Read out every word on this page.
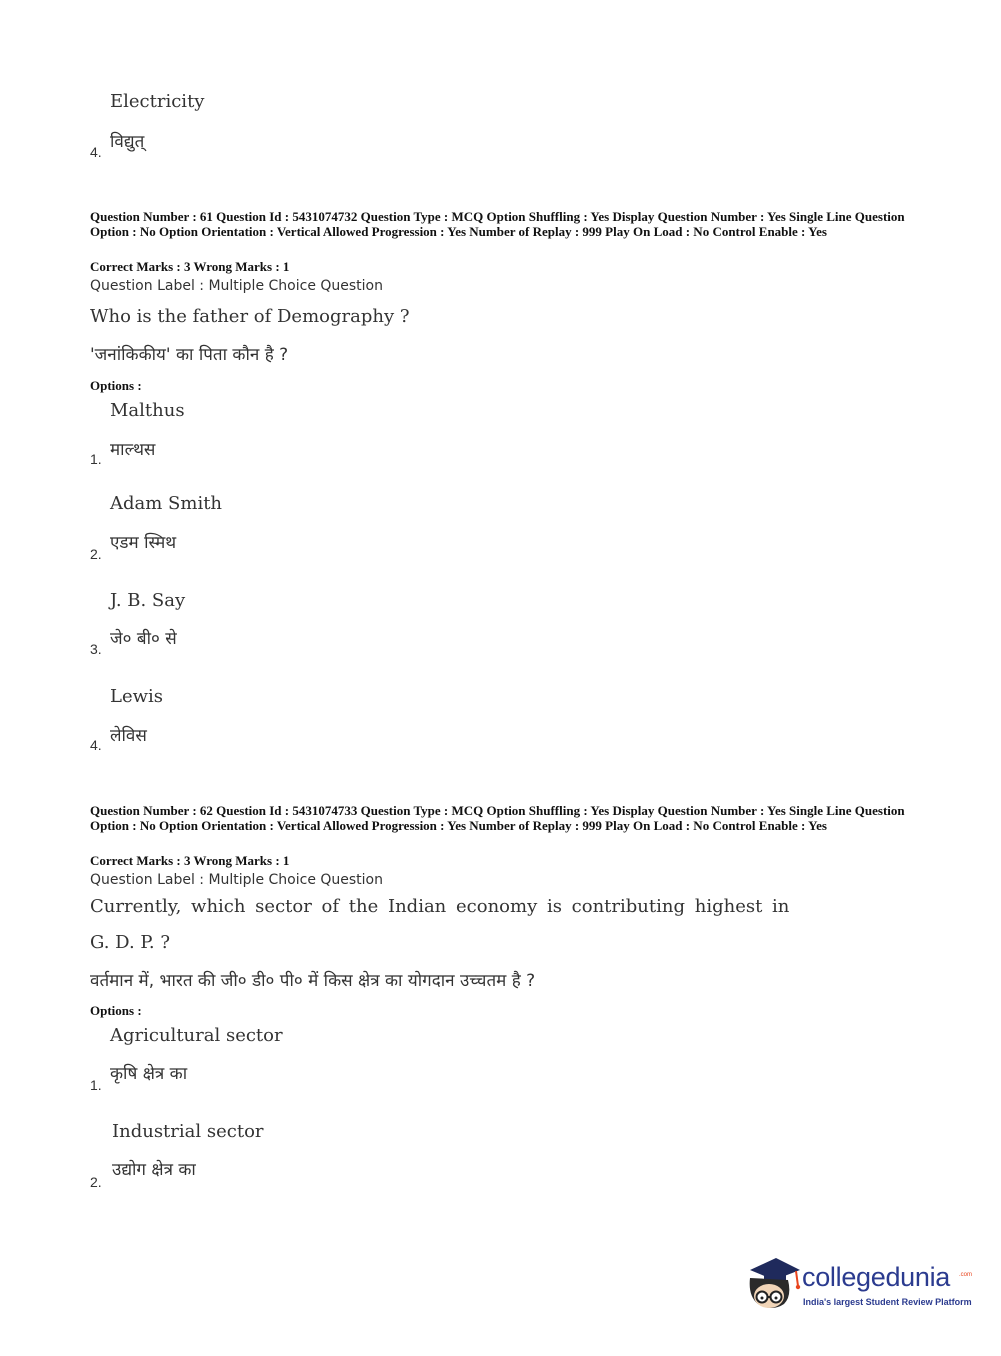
Electricity
विद्युत्
4.
Question Number : 61 Question Id : 5431074732 Question Type : MCQ Option Shuffling : Yes Display Question Number : Yes Single Line Question Option : No Option Orientation : Vertical Allowed Progression : Yes Number of Replay : 999 Play On Load : No Control Enable : Yes
Correct Marks : 3 Wrong Marks : 1
Question Label : Multiple Choice Question
Who is the father of Demography ?
'जनांकिकीय' का पिता कौन है ?
Options :
Malthus
माल्थस
1.
Adam Smith
एडम स्मिथ
2.
J. B. Say
जे० बी० से
3.
Lewis
लेविस
4.
Question Number : 62 Question Id : 5431074733 Question Type : MCQ Option Shuffling : Yes Display Question Number : Yes Single Line Question Option : No Option Orientation : Vertical Allowed Progression : Yes Number of Replay : 999 Play On Load : No Control Enable : Yes
Correct Marks : 3 Wrong Marks : 1
Question Label : Multiple Choice Question
Currently, which sector of the Indian economy is contributing highest in
G. D. P. ?
वर्तमान में, भारत की जी० डी० पी० में किस क्षेत्र का योगदान उच्चतम है ?
Options :
Agricultural sector
कृषि क्षेत्र का
1.
Industrial sector
उद्योग क्षेत्र का
2.
collegedunia .com
India's largest Student Review Platform
